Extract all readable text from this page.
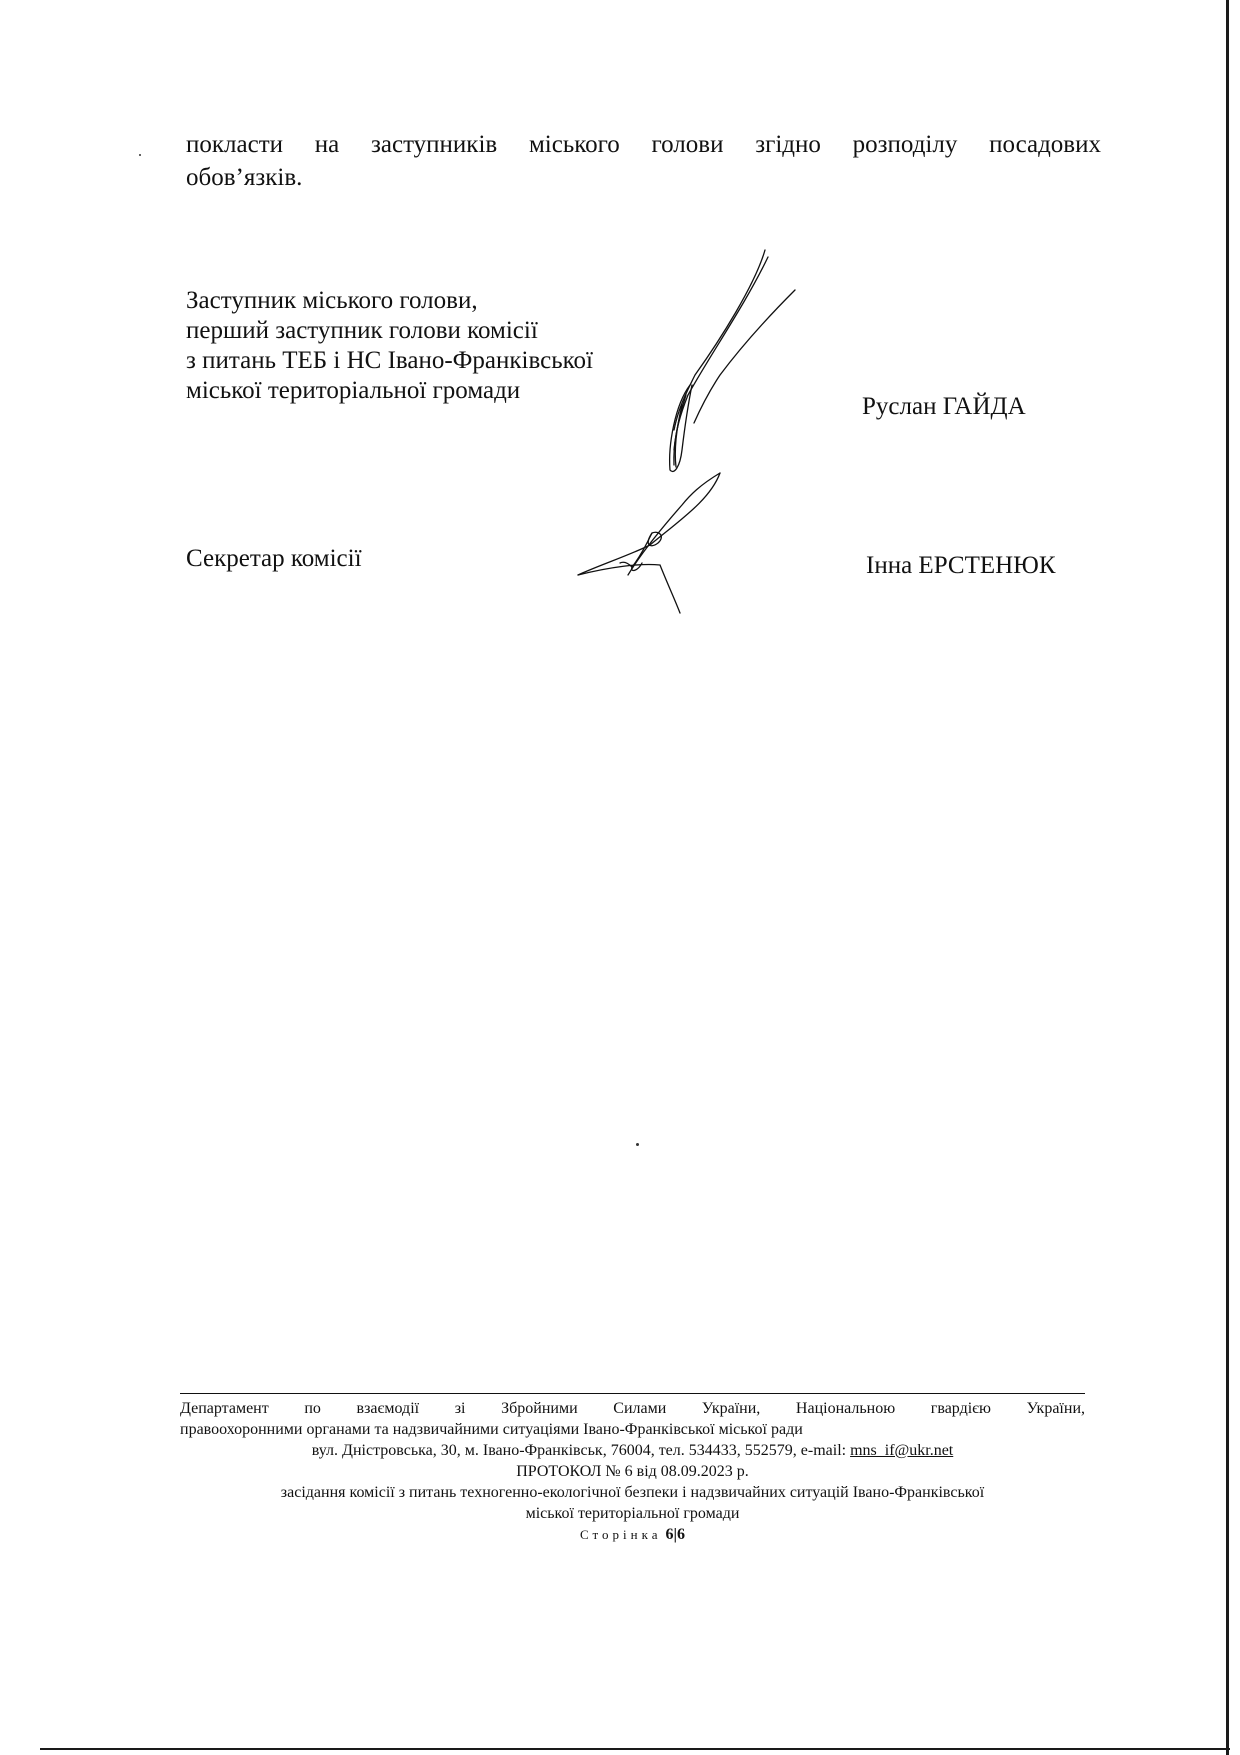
покласти на заступників міського голови згідно розподілу посадових
обов’язків.
Заступник міського голови,
перший заступник голови комісії
з питань ТЕБ і НС Івано-Франківської
міської територіальної громади
Руслан ГАЙДА
Секретар комісії	Інна ЕРСТЕНЮК
Департамент по взаємодії зі Збройними Силами України, Національною гвардією України,
правоохоронними органами та надзвичайними ситуаціями Івано-Франківської міської ради
вул. Дністровська, 30, м. Івано-Франківськ, 76004, тел. 534433, 552579, e-mail: mns_if@ukr.net
ПРОТОКОЛ № 6 від 08.09.2023 р.
засідання комісії з питань техногенно-екологічної безпеки і надзвичайних ситуацій Івано-Франківської
міської територіальної громади
Сторінка 6|6
